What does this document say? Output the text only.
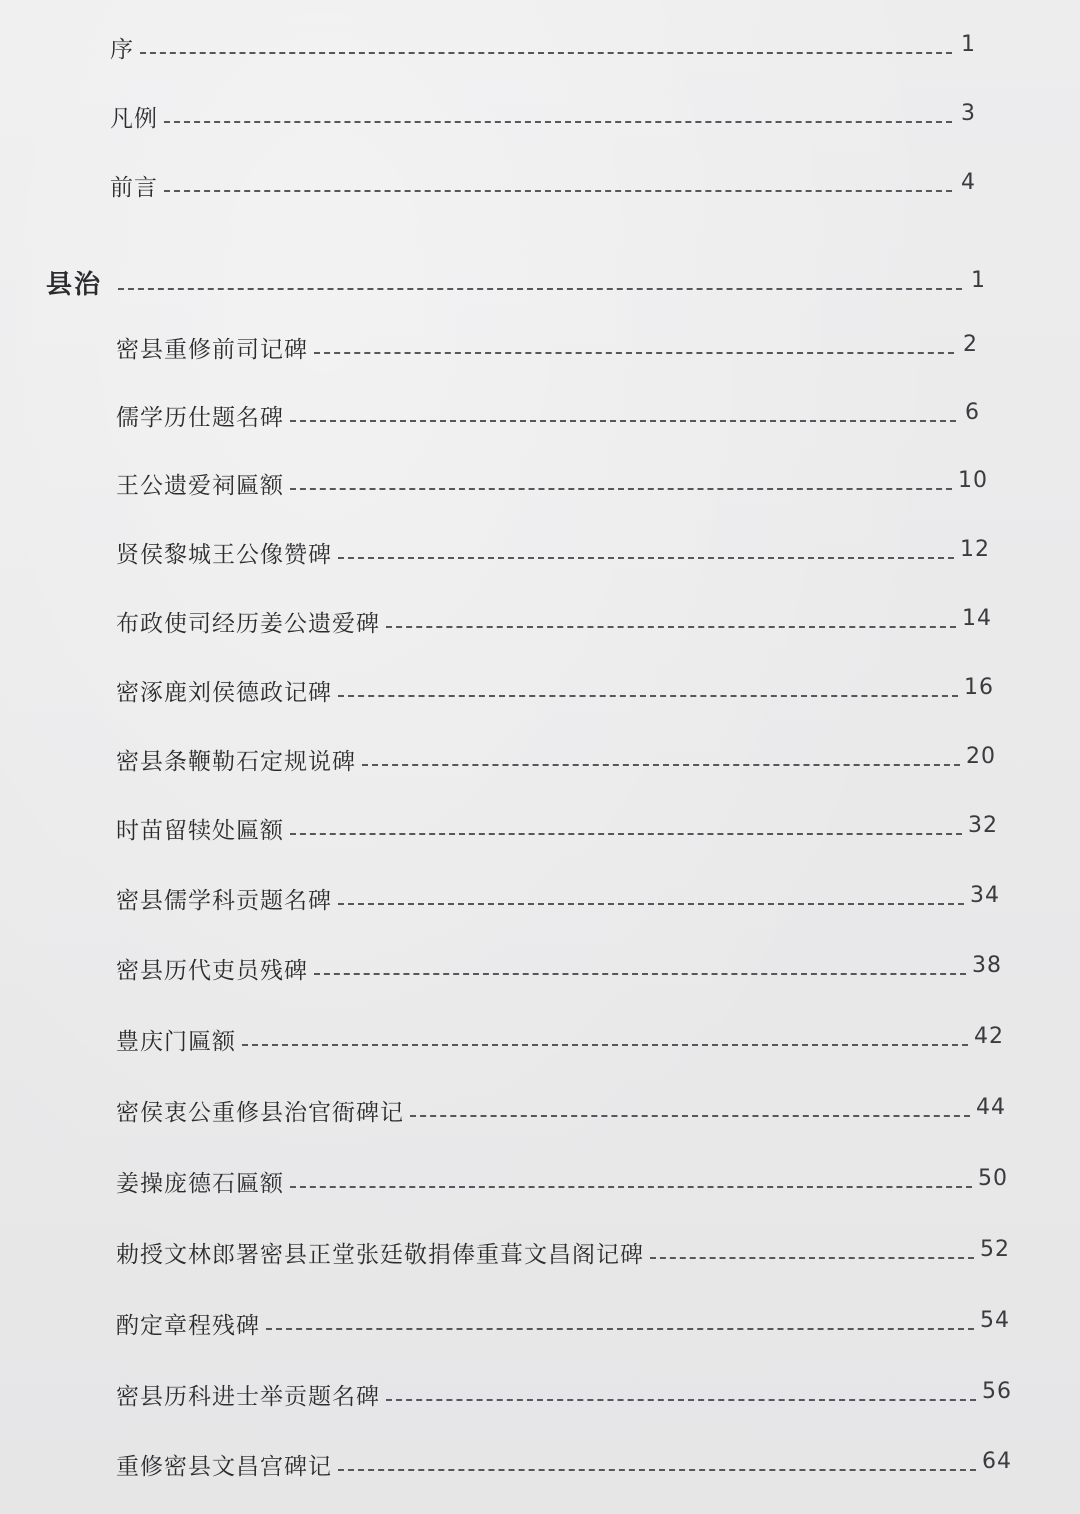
序	1
凡例	3
前言	4
县治	1
密县重修前司记碑	2
儒学历仕题名碑	6
王公遗爱祠匾额	10
贤侯黎城王公像赞碑	12
布政使司经历姜公遗爱碑	14
密涿鹿刘侯德政记碑	16
密县条鞭勒石定规说碑	20
时苗留犊处匾额	32
密县儒学科贡题名碑	34
密县历代吏员残碑	38
豊庆门匾额	42
密侯衷公重修县治官衙碑记	44
姜操庞德石匾额	50
勅授文林郎署密县正堂张廷敬捐俸重葺文昌阁记碑	52
酌定章程残碑	54
密县历科进士举贡题名碑	56
重修密县文昌宫碑记	64
